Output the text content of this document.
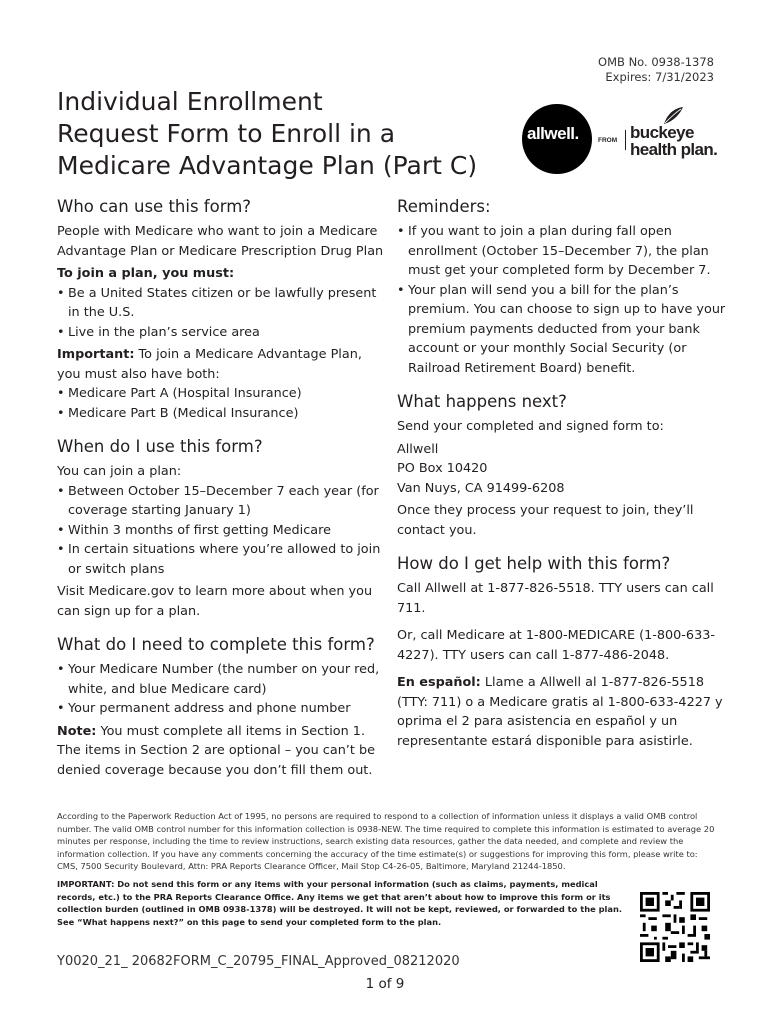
OMB No. 0938-1378
Expires: 7/31/2023
Individual Enrollment
Request Form to Enroll in a
Medicare Advantage Plan (Part C)
allwell.	FROM buckeye
health plan.
Who can use this form?

People with Medicare who want to join a Medicare Advantage Plan or Medicare Prescription Drug Plan

To join a plan, you must:

• Be a United States citizen or be lawfully present in the U.S.
• Live in the plan’s service area

Important: To join a Medicare Advantage Plan, you must also have both:

• Medicare Part A (Hospital Insurance)
• Medicare Part B (Medical Insurance)
When do I use this form?

You can join a plan:

• Between October 15–December 7 each year (for coverage starting January 1)
• Within 3 months of first getting Medicare
• In certain situations where you’re allowed to join or switch plans

Visit Medicare.gov to learn more about when you can sign up for a plan.

What do I need to complete this form?
• Your Medicare Number (the number on your red, white, and blue Medicare card)
• Your permanent address and phone number

Note: You must complete all items in Section 1. The items in Section 2 are optional – you can’t be denied coverage because you don’t fill them out.

Reminders:
• If you want to join a plan during fall open enrollment (October 15–December 7), the plan must get your completed form by December 7.
• Your plan will send you a bill for the plan’s premium. You can choose to sign up to have your premium payments deducted from your bank account or your monthly Social Security (or Railroad Retirement Board) benefit.
What happens next?

Send your completed and signed form to:

Allwell
PO Box 10420
Van Nuys, CA 91499-6208

Once they process your request to join, they’ll contact you.

How do I get help with this form?

Call Allwell at 1-877-826-5518. TTY users can call 711.

Or, call Medicare at 1-800-MEDICARE (1-800-633-4227). TTY users can call 1-877-486-2048.

En español: Llame a Allwell al 1-877-826-5518 (TTY: 711) o a Medicare gratis al 1-800-633-4227 y oprima el 2 para asistencia en español y un representante estará disponible para asistirle.

According to the Paperwork Reduction Act of 1995, no persons are required to respond to a collection of information unless it displays a valid OMB control number. The valid OMB control number for this information collection is 0938-NEW. The time required to complete this information is estimated to average 20 minutes per response, including the time to review instructions, search existing data resources, gather the data needed, and complete and review the information collection. If you have any comments concerning the accuracy of the time estimate(s) or suggestions for improving this form, please write to: CMS, 7500 Security Boulevard, Attn: PRA Reports Clearance Officer, Mail Stop C4-26-05, Baltimore, Maryland 21244-1850.
IMPORTANT: Do not send this form or any items with your personal information (such as claims, payments, medical records, etc.) to the PRA Reports Clearance Office. Any items we get that aren’t about how to improve this form or its collection burden (outlined in OMB 0938-1378) will be destroyed. It will not be kept, reviewed, or forwarded to the plan. See “What happens next?” on this page to send your completed form to the plan.
Y0020_21_ 20682FORM_C_20795_FINAL_Approved_08212020
1 of 9
